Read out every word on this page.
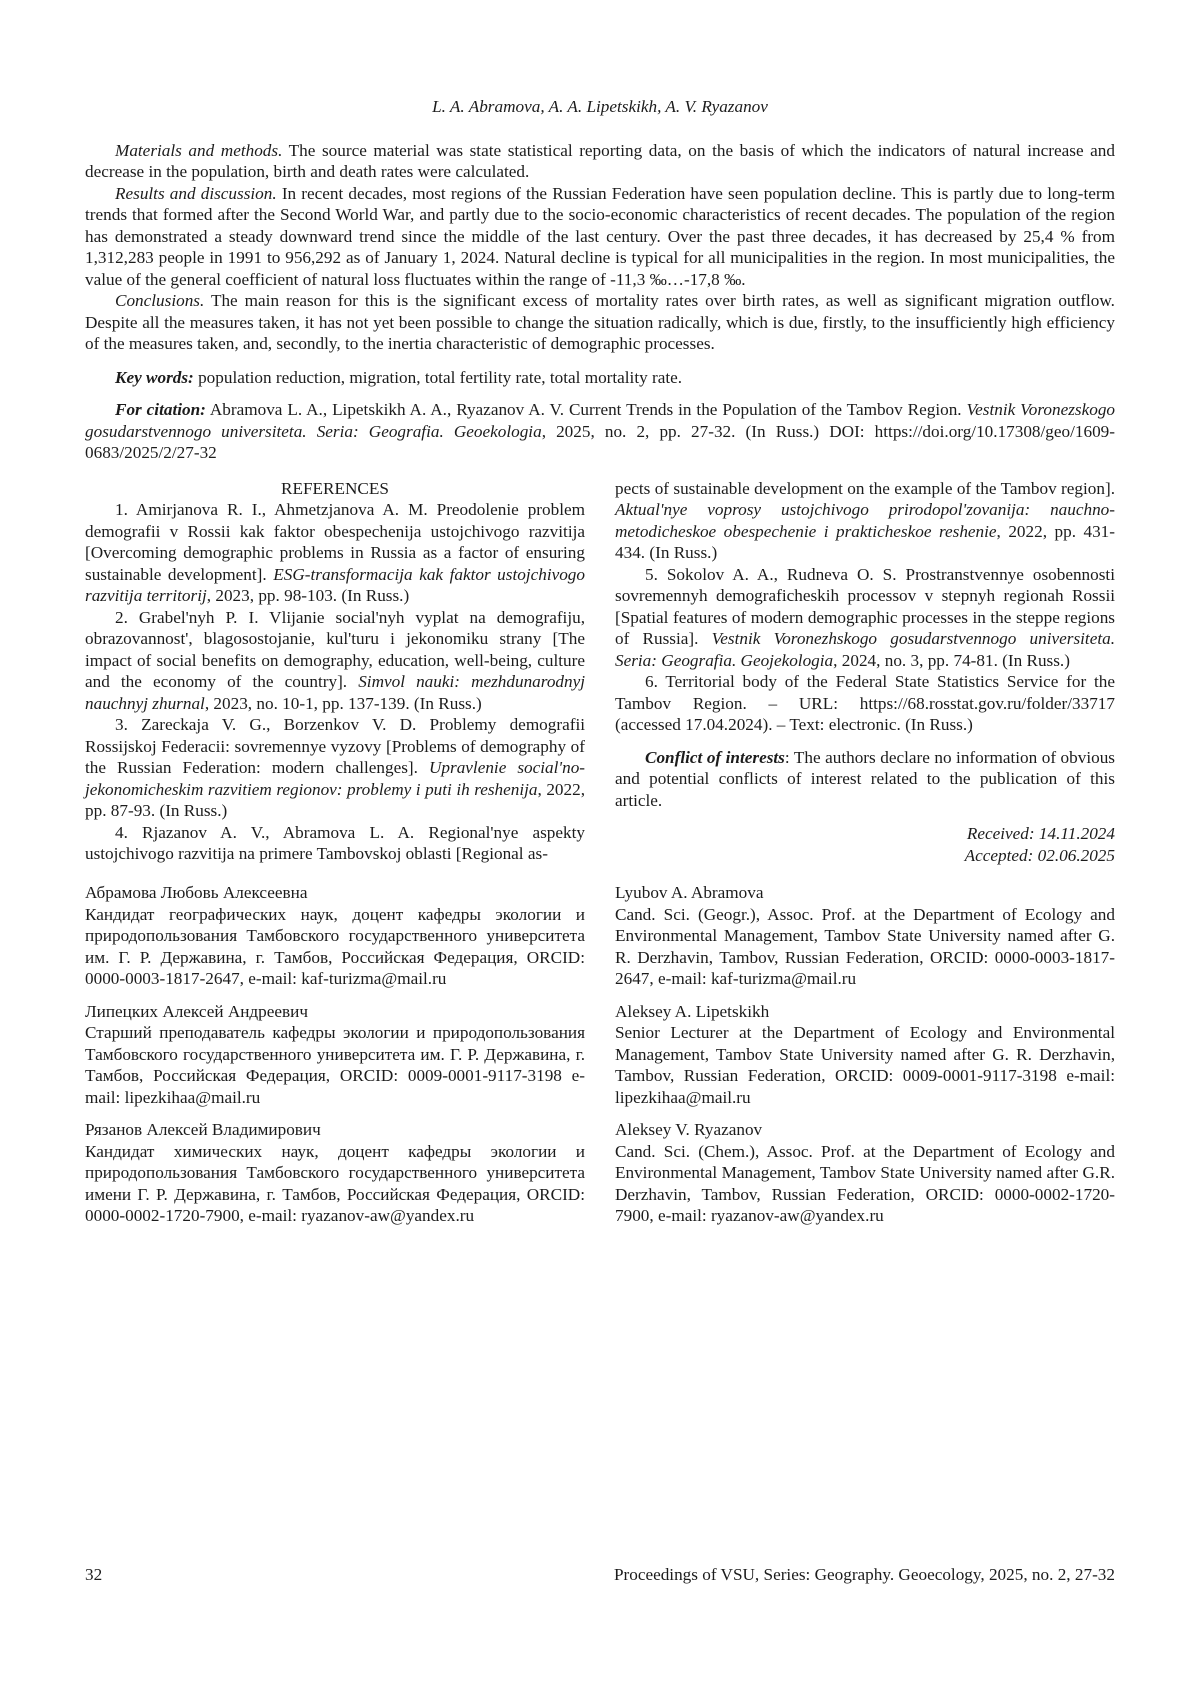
L. A. Abramova, A. A. Lipetskikh, A. V. Ryazanov

Materials and methods. The source material was state statistical reporting data, on the basis of which the indicators of natural increase and decrease in the population, birth and death rates were calculated.

Results and discussion. In recent decades, most regions of the Russian Federation have seen population decline. This is partly due to long-term trends that formed after the Second World War, and partly due to the socio-economic characteristics of recent decades. The population of the region has demonstrated a steady downward trend since the middle of the last century. Over the past three decades, it has decreased by 25,4 % from 1,312,283 people in 1991 to 956,292 as of January 1, 2024. Natural decline is typical for all municipalities in the region. In most municipalities, the value of the general coefficient of natural loss fluctuates within the range of -11,3 ‰…-17,8 ‰.

Conclusions. The main reason for this is the significant excess of mortality rates over birth rates, as well as significant migration outflow. Despite all the measures taken, it has not yet been possible to change the situation radically, which is due, firstly, to the insufficiently high efficiency of the measures taken, and, secondly, to the inertia characteristic of demographic processes.

Key words: population reduction, migration, total fertility rate, total mortality rate.

For citation: Abramova L. A., Lipetskikh A. A., Ryazanov A. V. Current Trends in the Population of the Tambov Region. Vestnik Voronezskogo gosudarstvennogo universiteta. Seria: Geografia. Geoekologia, 2025, no. 2, pp. 27-32. (In Russ.) DOI: https://doi.org/10.17308/geo/1609-0683/2025/2/27-32

REFERENCES

1. Amirjanova R. I., Ahmetzjanova A. M. Preodolenie problem demografii v Rossii kak faktor obespechenija ustojchivogo razvitija [Overcoming demographic problems in Russia as a factor of ensuring sustainable development]. ESG-transformacija kak faktor ustojchivogo razvitija territorij, 2023, pp. 98-103. (In Russ.)

2. Grabel'nyh P. I. Vlijanie social'nyh vyplat na demografiju, obrazovannost', blagosostojanie, kul'turu i jekonomiku strany [The impact of social benefits on demography, education, well-being, culture and the economy of the country]. Simvol nauki: mezhdunarodnyj nauchnyj zhurnal, 2023, no. 10-1, pp. 137-139. (In Russ.)

3. Zareckaja V. G., Borzenkov V. D. Problemy demografii Rossijskoj Federacii: sovremennye vyzovy [Problems of demography of the Russian Federation: modern challenges]. Upravlenie social'no-jekonomicheskim razvitiem regionov: problemy i puti ih reshenija, 2022, pp. 87-93. (In Russ.)

4. Rjazanov A. V., Abramova L. A. Regional'nye aspekty ustojchivogo razvitija na primere Tambovskoj oblasti [Regional as-

pects of sustainable development on the example of the Tambov region]. Aktual'nye voprosy ustojchivogo prirodopol'zovanija: nauchno-metodicheskoe obespechenie i prakticheskoe reshenie, 2022, pp. 431-434. (In Russ.)

5. Sokolov A. A., Rudneva O. S. Prostranstvennye osobennosti sovremennyh demograficheskih processov v stepnyh regionah Rossii [Spatial features of modern demographic processes in the steppe regions of Russia]. Vestnik Voronezhskogo gosudarstvennogo universiteta. Seria: Geografia. Geojekologia, 2024, no. 3, pp. 74-81. (In Russ.)

6. Territorial body of the Federal State Statistics Service for the Tambov Region. – URL: https://68.rosstat.gov.ru/folder/33717 (accessed 17.04.2024). – Text: electronic. (In Russ.)

Conflict of interests: The authors declare no information of obvious and potential conflicts of interest related to the publication of this article.

Received: 14.11.2024

Accepted: 02.06.2025

Абрамова Любовь Алексеевна

Кандидат географических наук, доцент кафедры экологии и природопользования Тамбовского государственного университета им. Г. Р. Державина, г. Тамбов, Российская Федерация, ORCID: 0000-0003-1817-2647, e-mail: kaf-turizma@mail.ru

Липецких Алексей Андреевич

Старший преподаватель кафедры экологии и природопользования Тамбовского государственного университета им. Г. Р. Державина, г. Тамбов, Российская Федерация, ORCID: 0009-0001-9117-3198 e-mail: lipezkihaa@mail.ru

Рязанов Алексей Владимирович

Кандидат химических наук, доцент кафедры экологии и природопользования Тамбовского государственного университета имени Г. Р. Державина, г. Тамбов, Российская Федерация, ORCID: 0000-0002-1720-7900, e-mail: ryazanov-aw@yandex.ru

Lyubov A. Abramova

Cand. Sci. (Geogr.), Assoc. Prof. at the Department of Ecology and Environmental Management, Tambov State University named after G. R. Derzhavin, Tambov, Russian Federation, ORCID: 0000-0003-1817-2647, e-mail: kaf-turizma@mail.ru

Aleksey A. Lipetskikh

Senior Lecturer at the Department of Ecology and Environmental Management, Tambov State University named after G. R. Derzhavin, Tambov, Russian Federation, ORCID: 0009-0001-9117-3198 e-mail: lipezkihaa@mail.ru

Aleksey V. Ryazanov

Cand. Sci. (Chem.), Assoc. Prof. at the Department of Ecology and Environmental Management, Tambov State University named after G.R. Derzhavin, Tambov, Russian Federation, ORCID: 0000-0002-1720-7900, e-mail: ryazanov-aw@yandex.ru

32	Proceedings of VSU, Series: Geography. Geoecology, 2025, no. 2, 27-32
